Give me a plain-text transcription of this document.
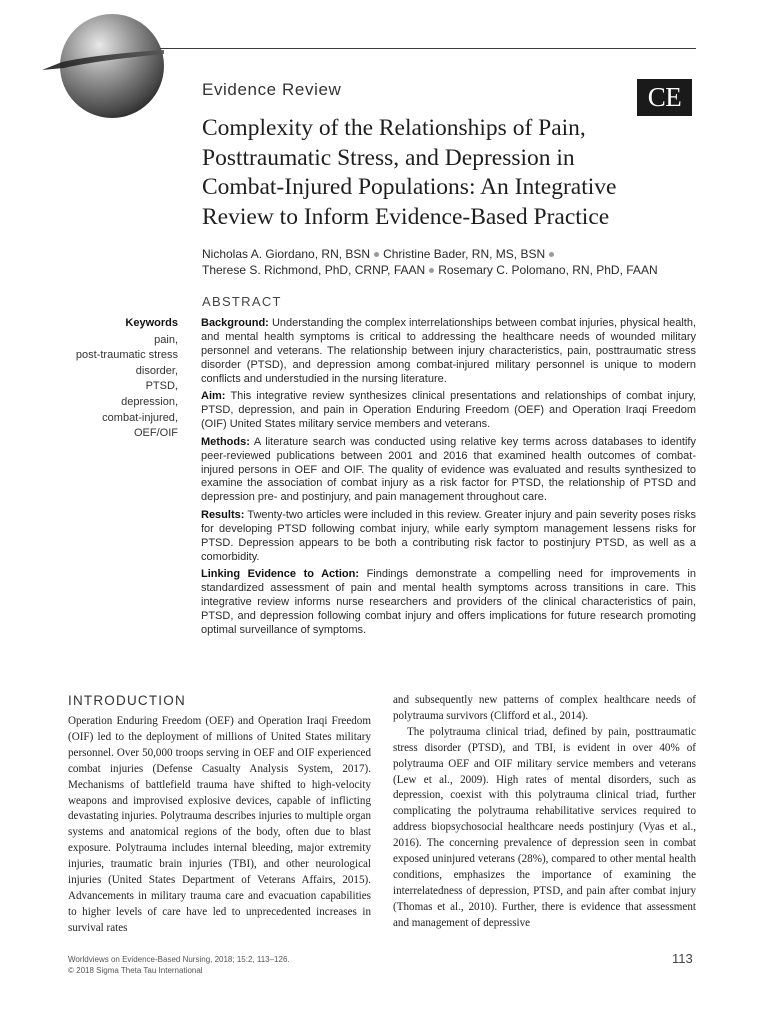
Evidence Review	CE
Complexity of the Relationships of Pain,
Posttraumatic Stress, and Depression in
Combat-Injured Populations: An Integrative
Review to Inform Evidence-Based Practice
Nicholas A. Giordano, RN, BSN Christine Bader, RN, MS, BSN
Therese S. Richmond, PhD, CRNP, FAAN Rosemary C. Polomano, RN, PhD, FAAN
ABSTRACT
Keywords
pain,
post-traumatic stress
disorder,
PTSD,
depression,
combat-injured,
OEF/OIF

Background: Understanding the complex interrelationships between combat injuries, physical health, and mental health symptoms is critical to addressing the healthcare needs of wounded military personnel and veterans. The relationship between injury characteristics, pain, posttraumatic stress disorder (PTSD), and depression among combat-injured military personnel is unique to modern conflicts and understudied in the nursing literature.

Aim: This integrative review synthesizes clinical presentations and relationships of combat injury, PTSD, depression, and pain in Operation Enduring Freedom (OEF) and Operation Iraqi Freedom (OIF) United States military service members and veterans.

Methods: A literature search was conducted using relative key terms across databases to identify peer-reviewed publications between 2001 and 2016 that examined health outcomes of combat-injured persons in OEF and OIF. The quality of evidence was evaluated and results synthesized to examine the association of combat injury as a risk factor for PTSD, the relationship of PTSD and depression pre- and postinjury, and pain management throughout care.

Results: Twenty-two articles were included in this review. Greater injury and pain severity poses risks for developing PTSD following combat injury, while early symptom management lessens risks for PTSD. Depression appears to be both a contributing risk factor to postinjury PTSD, as well as a comorbidity.

Linking Evidence to Action: Findings demonstrate a compelling need for improvements in standardized assessment of pain and mental health symptoms across transitions in care. This integrative review informs nurse researchers and providers of the clinical characteristics of pain, PTSD, and depression following combat injury and offers implications for future research promoting optimal surveillance of symptoms.

INTRODUCTION

Operation Enduring Freedom (OEF) and Operation Iraqi Freedom (OIF) led to the deployment of millions of United States military personnel. Over 50,000 troops serving in OEF and OIF experienced combat injuries (Defense Casualty Analysis System, 2017). Mechanisms of battlefield trauma have shifted to high-velocity weapons and improvised explosive devices, capable of inflicting devastating injuries. Polytrauma describes injuries to multiple organ systems and anatomical regions of the body, often due to blast exposure. Polytrauma includes internal bleeding, major extremity injuries, traumatic brain injuries (TBI), and other neurological injuries (United States Department of Veterans Affairs, 2015). Advancements in military trauma care and evacuation capabilities to higher levels of care have led to unprecedented increases in survival rates

and subsequently new patterns of complex healthcare needs of polytrauma survivors (Clifford et al., 2014).

The polytrauma clinical triad, defined by pain, posttraumatic stress disorder (PTSD), and TBI, is evident in over 40% of polytrauma OEF and OIF military service members and veterans (Lew et al., 2009). High rates of mental disorders, such as depression, coexist with this polytrauma clinical triad, further complicating the polytrauma rehabilitative services required to address biopsychosocial healthcare needs postinjury (Vyas et al., 2016). The concerning prevalence of depression seen in combat exposed uninjured veterans (28%), compared to other mental health conditions, emphasizes the importance of examining the interrelatedness of depression, PTSD, and pain after combat injury (Thomas et al., 2010). Further, there is evidence that assessment and management of depressive

Worldviews on Evidence-Based Nursing, 2018; 15:2, 113–126.
© 2018 Sigma Theta Tau International
113
